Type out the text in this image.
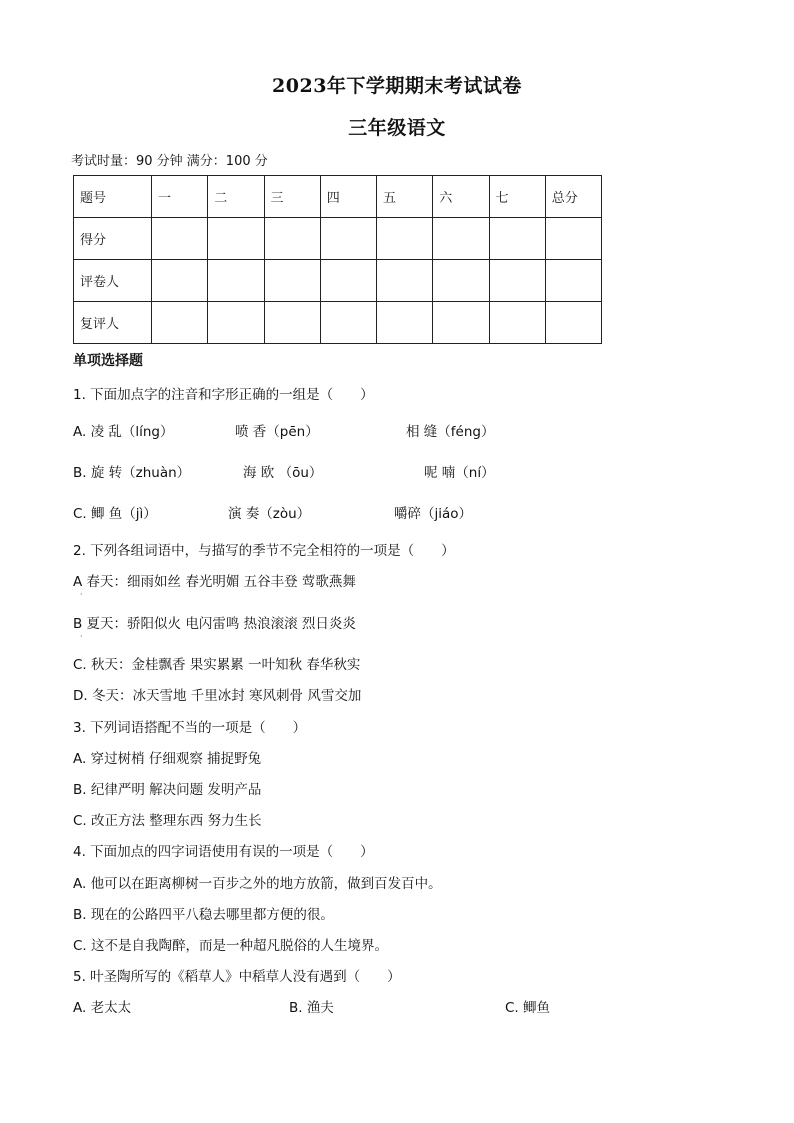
2023年下学期期末考试试卷
三年级语文
考试时量：90 分钟 满分：100 分
题号	一	二	三	四	五	六	七	总分
得分								
评卷人								
复评人								
单项选择题
1. 下面加点字的注音和字形正确的一组是（　　）
A. 凌 乱（líng）	喷 香（pēn）	相 缝（féng）
B. 旋 转（zhuàn）	海 欧 （ōu）	呢 喃（ní）
C. 鲫 鱼（jì）	演 奏（zòu）	嚼碎（jiáo）
2. 下列各组词语中，与描写的季节不完全相符的一项是（　　）
A 春天：细雨如丝 春光明媚 五谷丰登 莺歌燕舞
·
B 夏天：骄阳似火 电闪雷鸣 热浪滚滚 烈日炎炎
·
C. 秋天：金桂飘香 果实累累 一叶知秋 春华秋实
D. 冬天：冰天雪地 千里冰封 寒风刺骨 风雪交加
3. 下列词语搭配不当的一项是（　　）
A. 穿过树梢 仔细观察 捕捉野兔
B. 纪律严明 解决问题 发明产品
C. 改正方法 整理东西 努力生长
4. 下面加点的四字词语使用有误的一项是（　　）
A. 他可以在距离柳树一百步之外的地方放箭，做到百发百中。
B. 现在的公路四平八稳去哪里都方便的很。
C. 这不是自我陶醉，而是一种超凡脱俗的人生境界。
5. 叶圣陶所写的《稻草人》中稻草人没有遇到（　　）
A. 老太太	B. 渔夫	C. 鲫鱼
